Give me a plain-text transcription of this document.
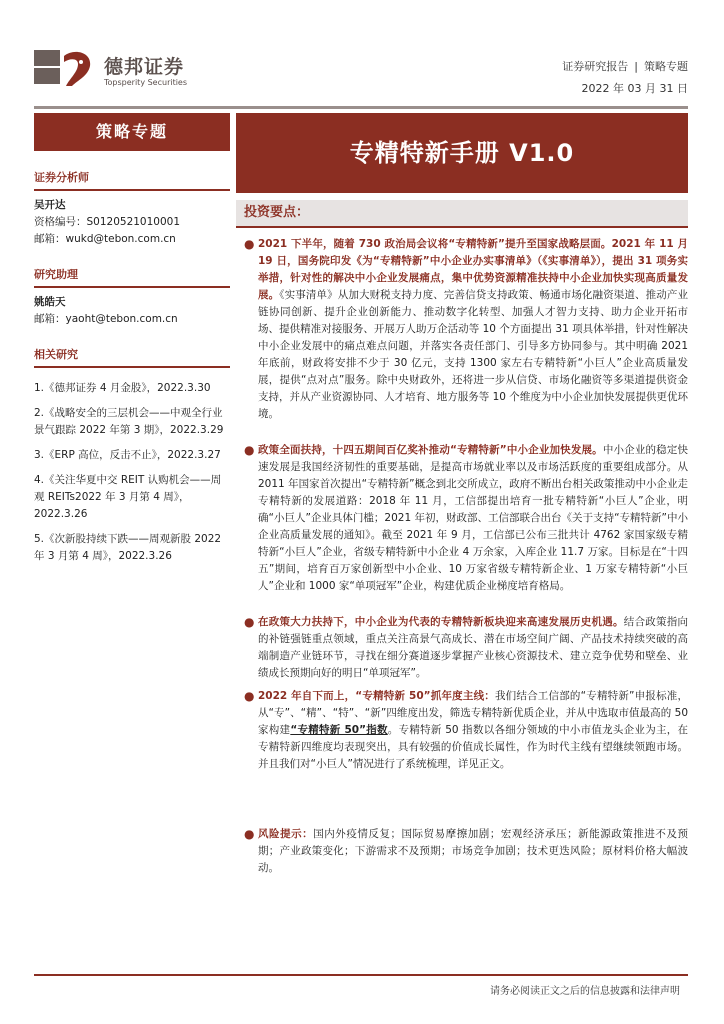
德邦证券
Topsperity Securities
证券研究报告 | 策略专题
2022 年 03 月 31 日
策略专题
证券分析师
吴开达
资格编号：S0120521010001
邮箱：wukd@tebon.com.cn
研究助理
姚皓天
邮箱：yaoht@tebon.com.cn
相关研究
1.《德邦证券 4 月金股》，2022.3.30
2.《战略安全的三层机会——中观全行业景气跟踪 2022 年第 3 期》，2022.3.29
3.《ERP 高位，反击不止》，2022.3.27
4.《关注华夏中交 REIT 认购机会——周观 REITs2022 年 3 月第 4 周》，2022.3.26
5.《次新股持续下跌——周观新股 2022 年 3 月第 4 周》，2022.3.26
专精特新手册 V1.0
投资要点：
● 2021 下半年，随着 730 政治局会议将“专精特新”提升至国家战略层面。2021 年 11 月 19 日，国务院印发《为“专精特新”中小企业办实事清单》（《实事清单》），提出 31 项务实举措，针对性的解决中小企业发展痛点，集中优势资源精准扶持中小企业加快实现高质量发展。《实事清单》从加大财税支持力度、完善信贷支持政策、畅通市场化融资渠道、推动产业链协同创新、提升企业创新能力、推动数字化转型、加强人才智力支持、助力企业开拓市场、提供精准对接服务、开展万人助万企活动等 10 个方面提出 31 项具体举措，针对性解决中小企业发展中的痛点难点问题，并落实各责任部门、引导多方协同参与。其中明确 2021 年底前，财政将安排不少于 30 亿元，支持 1300 家左右专精特新“小巨人”企业高质量发展，提供“点对点”服务。除中央财政外，还将进一步从信贷、市场化融资等多渠道提供资金支持，并从产业资源协同、人才培育、地方服务等 10 个维度为中小企业加快发展提供更优环境。
● 政策全面扶持，十四五期间百亿奖补推动“专精特新”中小企业加快发展。中小企业的稳定快速发展是我国经济韧性的重要基础，是提高市场就业率以及市场活跃度的重要组成部分。从 2011 年国家首次提出“专精特新”概念到北交所成立，政府不断出台相关政策推动中小企业走专精特新的发展道路：2018 年 11 月，工信部提出培育一批专精特新“小巨人”企业，明确“小巨人”企业具体门槛；2021 年初，财政部、工信部联合出台《关于支持“专精特新”中小企业高质量发展的通知》。截至 2021 年 9 月，工信部已公布三批共计 4762 家国家级专精特新“小巨人”企业，省级专精特新中小企业 4 万余家，入库企业 11.7 万家。目标是在“十四五”期间，培育百万家创新型中小企业、10 万家省级专精特新企业、1 万家专精特新“小巨人”企业和 1000 家“单项冠军”企业，构建优质企业梯度培育格局。
● 在政策大力扶持下，中小企业为代表的专精特新板块迎来高速发展历史机遇。结合政策指向的补链强链重点领域，重点关注高景气高成长、潜在市场空间广阔、产品技术持续突破的高端制造产业链环节，寻找在细分赛道逐步掌握产业核心资源技术、建立竞争优势和壁垒、业绩成长预期向好的明日“单项冠军”。
● 2022 年自下而上，“专精特新 50”抓年度主线：我们结合工信部的“专精特新”申报标准，从“专”、“精”、“特”、“新”四维度出发，筛选专精特新优质企业，并从中选取市值最高的 50 家构建“专精特新 50”指数。专精特新 50 指数以各细分领域的中小市值龙头企业为主，在专精特新四维度均表现突出，具有较强的价值成长属性，作为时代主线有望继续领跑市场。并且我们对“小巨人”情况进行了系统梳理，详见正文。
● 风险提示：国内外疫情反复；国际贸易摩擦加剧；宏观经济承压；新能源政策推进不及预期；产业政策变化；下游需求不及预期；市场竞争加剧；技术更迭风险；原材料价格大幅波动。
请务必阅读正文之后的信息披露和法律声明
